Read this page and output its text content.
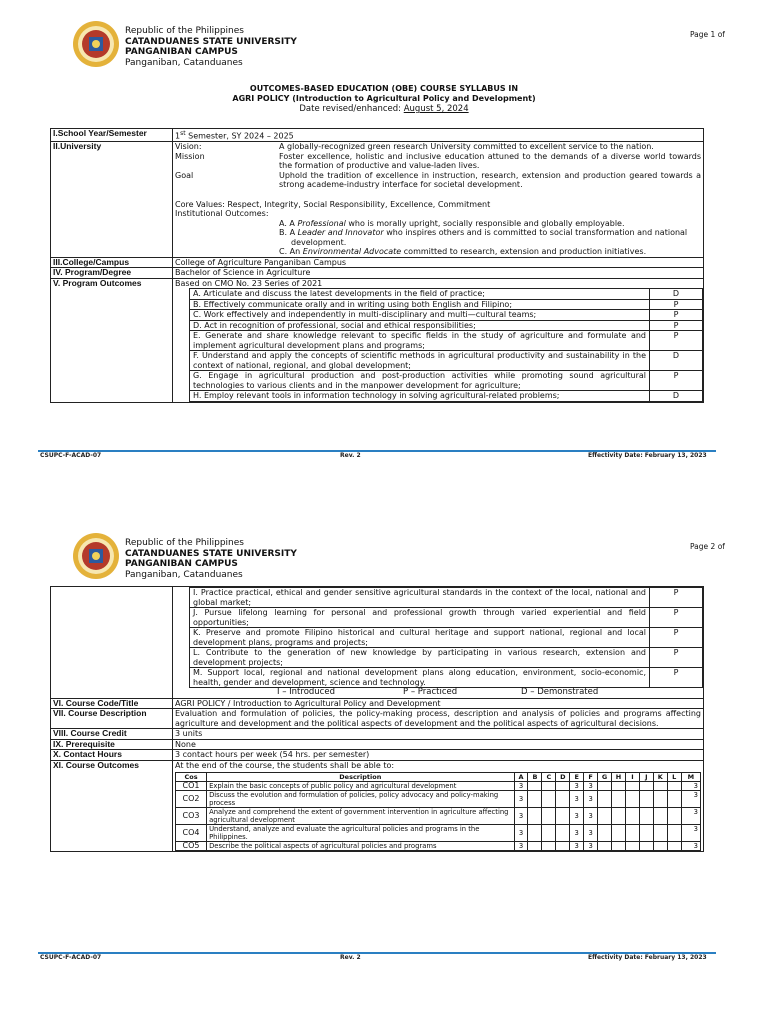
Republic of the Philippines
CATANDUANES STATE UNIVERSITY
PANGANIBAN CAMPUS
Panganiban, Catanduanes
Page 1 of
OUTCOMES-BASED EDUCATION (OBE) COURSE SYLLABUS IN
AGRI POLICY (Introduction to Agricultural Policy and Development)
Date revised/enhanced: August 5, 2024
I.School Year/Semester	1st Semester, SY 2024 – 2025
II.University	Vision:	A globally-recognized green research University committed to excellent service to the nation.
Mission	Foster excellence, holistic and inclusive education attuned to the demands of a diverse world towards the formation of productive and value-laden lives.
Goal	Uphold the tradition of excellence in instruction, research, extension and production geared towards a strong academe-industry interface for societal development.
Core Values: Respect, Integrity, Social Responsibility, Excellence, Commitment
Institutional Outcomes:
A. A Professional who is morally upright, socially responsible and globally employable.
B. A Leader and Innovator who inspires others and is committed to social transformation and national development.
C. An Environmental Advocate committed to research, extension and production initiatives.

III.College/Campus	College of Agriculture Panganiban Campus
IV. Program/Degree	Bachelor of Science in Agriculture
V. Program Outcomes	Based on CMO No. 23 Series of 2021
A. Articulate and discuss the latest developments in the field of practice;	D
B. Effectively communicate orally and in writing using both English and Filipino;	P
C. Work effectively and independently in multi-disciplinary and multi—cultural teams;	P
D. Act in recognition of professional, social and ethical responsibilities;	P
E. Generate and share knowledge relevant to specific fields in the study of agriculture and formulate and implement agricultural development plans and programs;	P
F. Understand and apply the concepts of scientific methods in agricultural productivity and sustainability in the context of national, regional, and global development;	D
G. Engage in agricultural production and post-production activities while promoting sound agricultural technologies to various clients and in the manpower development for agriculture;	P
H. Employ relevant tools in information technology in solving agricultural-related problems;	D
CSUPC-F-ACAD-07	Rev. 2	Effectivity Date: February 13, 2023
Republic of the Philippines
CATANDUANES STATE UNIVERSITY
PANGANIBAN CAMPUS
Panganiban, Catanduanes
Page 2 of

I. Practice practical, ethical and gender sensitive agricultural standards in the context of the local, national and global market;	P
J. Pursue lifelong learning for personal and professional growth through varied experiential and field opportunities;	P
K. Preserve and promote Filipino historical and cultural heritage and support national, regional and local development plans, programs and projects;	P
L. Contribute to the generation of new knowledge by participating in various research, extension and development projects;	P
M. Support local, regional and national development plans along education, environment, socio-economic, health, gender and development, science and technology.	P
I – Introduced	P – Practiced	D – Demonstrated

VI. Course Code/Title	AGRI POLICY / Introduction to Agricultural Policy and Development
VII. Course Description	Evaluation and formulation of policies, the policy-making process, description and analysis of policies and programs affecting agriculture and development and the political aspects of development and the political aspects of agricultural decisions.
VIII. Course Credit	3 units
IX. Prerequisite	None
X. Contact Hours	3 contact hours per week (54 hrs. per semester)
XI. Course Outcomes	At the end of the course, the students shall be able to:
Cos	Description	A	B	C	D	E	F	G	H	I	J	K	L	M
CO1	Explain the basic concepts of public policy and agricultural development	3				3	3							3
CO2	Discuss the evolution and formulation of policies, policy advocacy and policy-making process	3				3	3							3
CO3	Analyze and comprehend the extent of government intervention in agriculture affecting agricultural development	3				3	3							3
CO4	Understand, analyze and evaluate the agricultural policies and programs in the Philippines.	3				3	3							3
CO5	Describe the political aspects of agricultural policies and programs	3				3	3							3
CSUPC-F-ACAD-07	Rev. 2	Effectivity Date: February 13, 2023
